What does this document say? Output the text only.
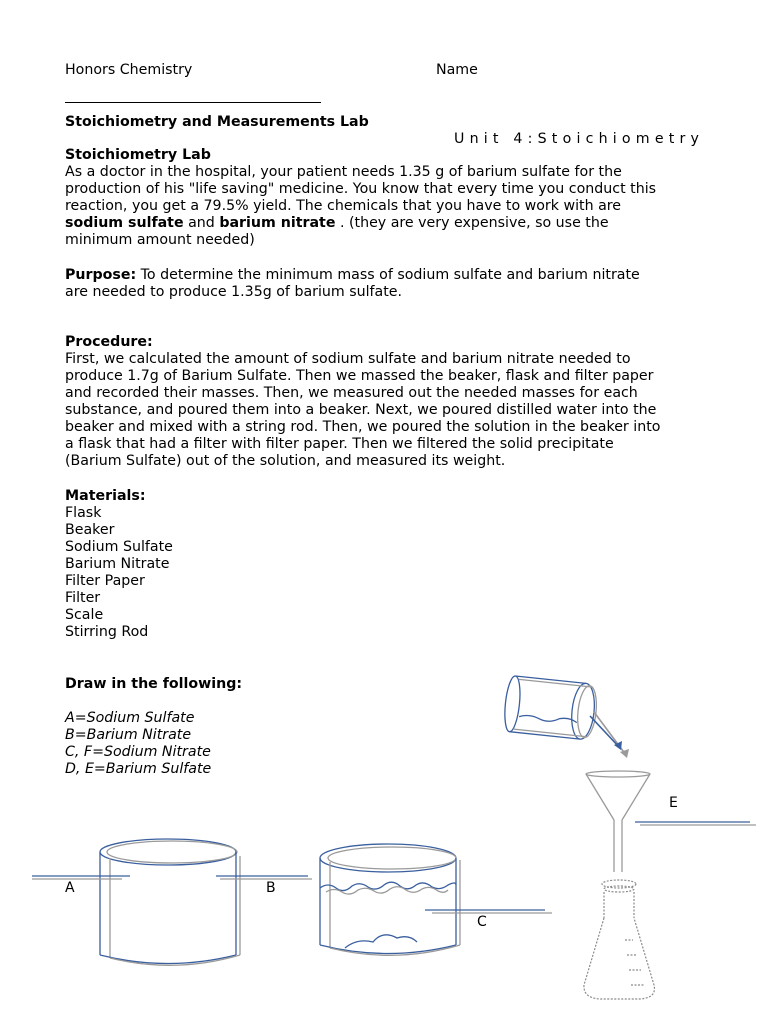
Honors Chemistry	Name
Stoichiometry and Measurements Lab
Unit 4:Stoichiometry
Stoichiometry Lab
As a doctor in the hospital, your patient needs 1.35 g of barium sulfate for the
production of his "life saving" medicine. You know that every time you conduct this
reaction, you get a 79.5% yield. The chemicals that you have to work with are
sodium sulfate and barium nitrate . (they are very expensive, so use the
minimum amount needed)
Purpose: To determine the minimum mass of sodium sulfate and barium nitrate
are needed to produce 1.35g of barium sulfate.
Procedure:
First, we calculated the amount of sodium sulfate and barium nitrate needed to
produce 1.7g of Barium Sulfate. Then we massed the beaker, flask and filter paper
and recorded their masses. Then, we measured out the needed masses for each
substance, and poured them into a beaker. Next, we poured distilled water into the
beaker and mixed with a string rod. Then, we poured the solution in the beaker into
a flask that had a filter with filter paper. Then we filtered the solid precipitate
(Barium Sulfate) out of the solution, and measured its weight.
Materials:
Flask
Beaker
Sodium Sulfate
Barium Nitrate
Filter Paper
Filter
Scale
Stirring Rod
Draw in the following:
A=Sodium Sulfate
B=Barium Nitrate
C, F=Sodium Nitrate
D, E=Barium Sulfate
A	B
C
E
